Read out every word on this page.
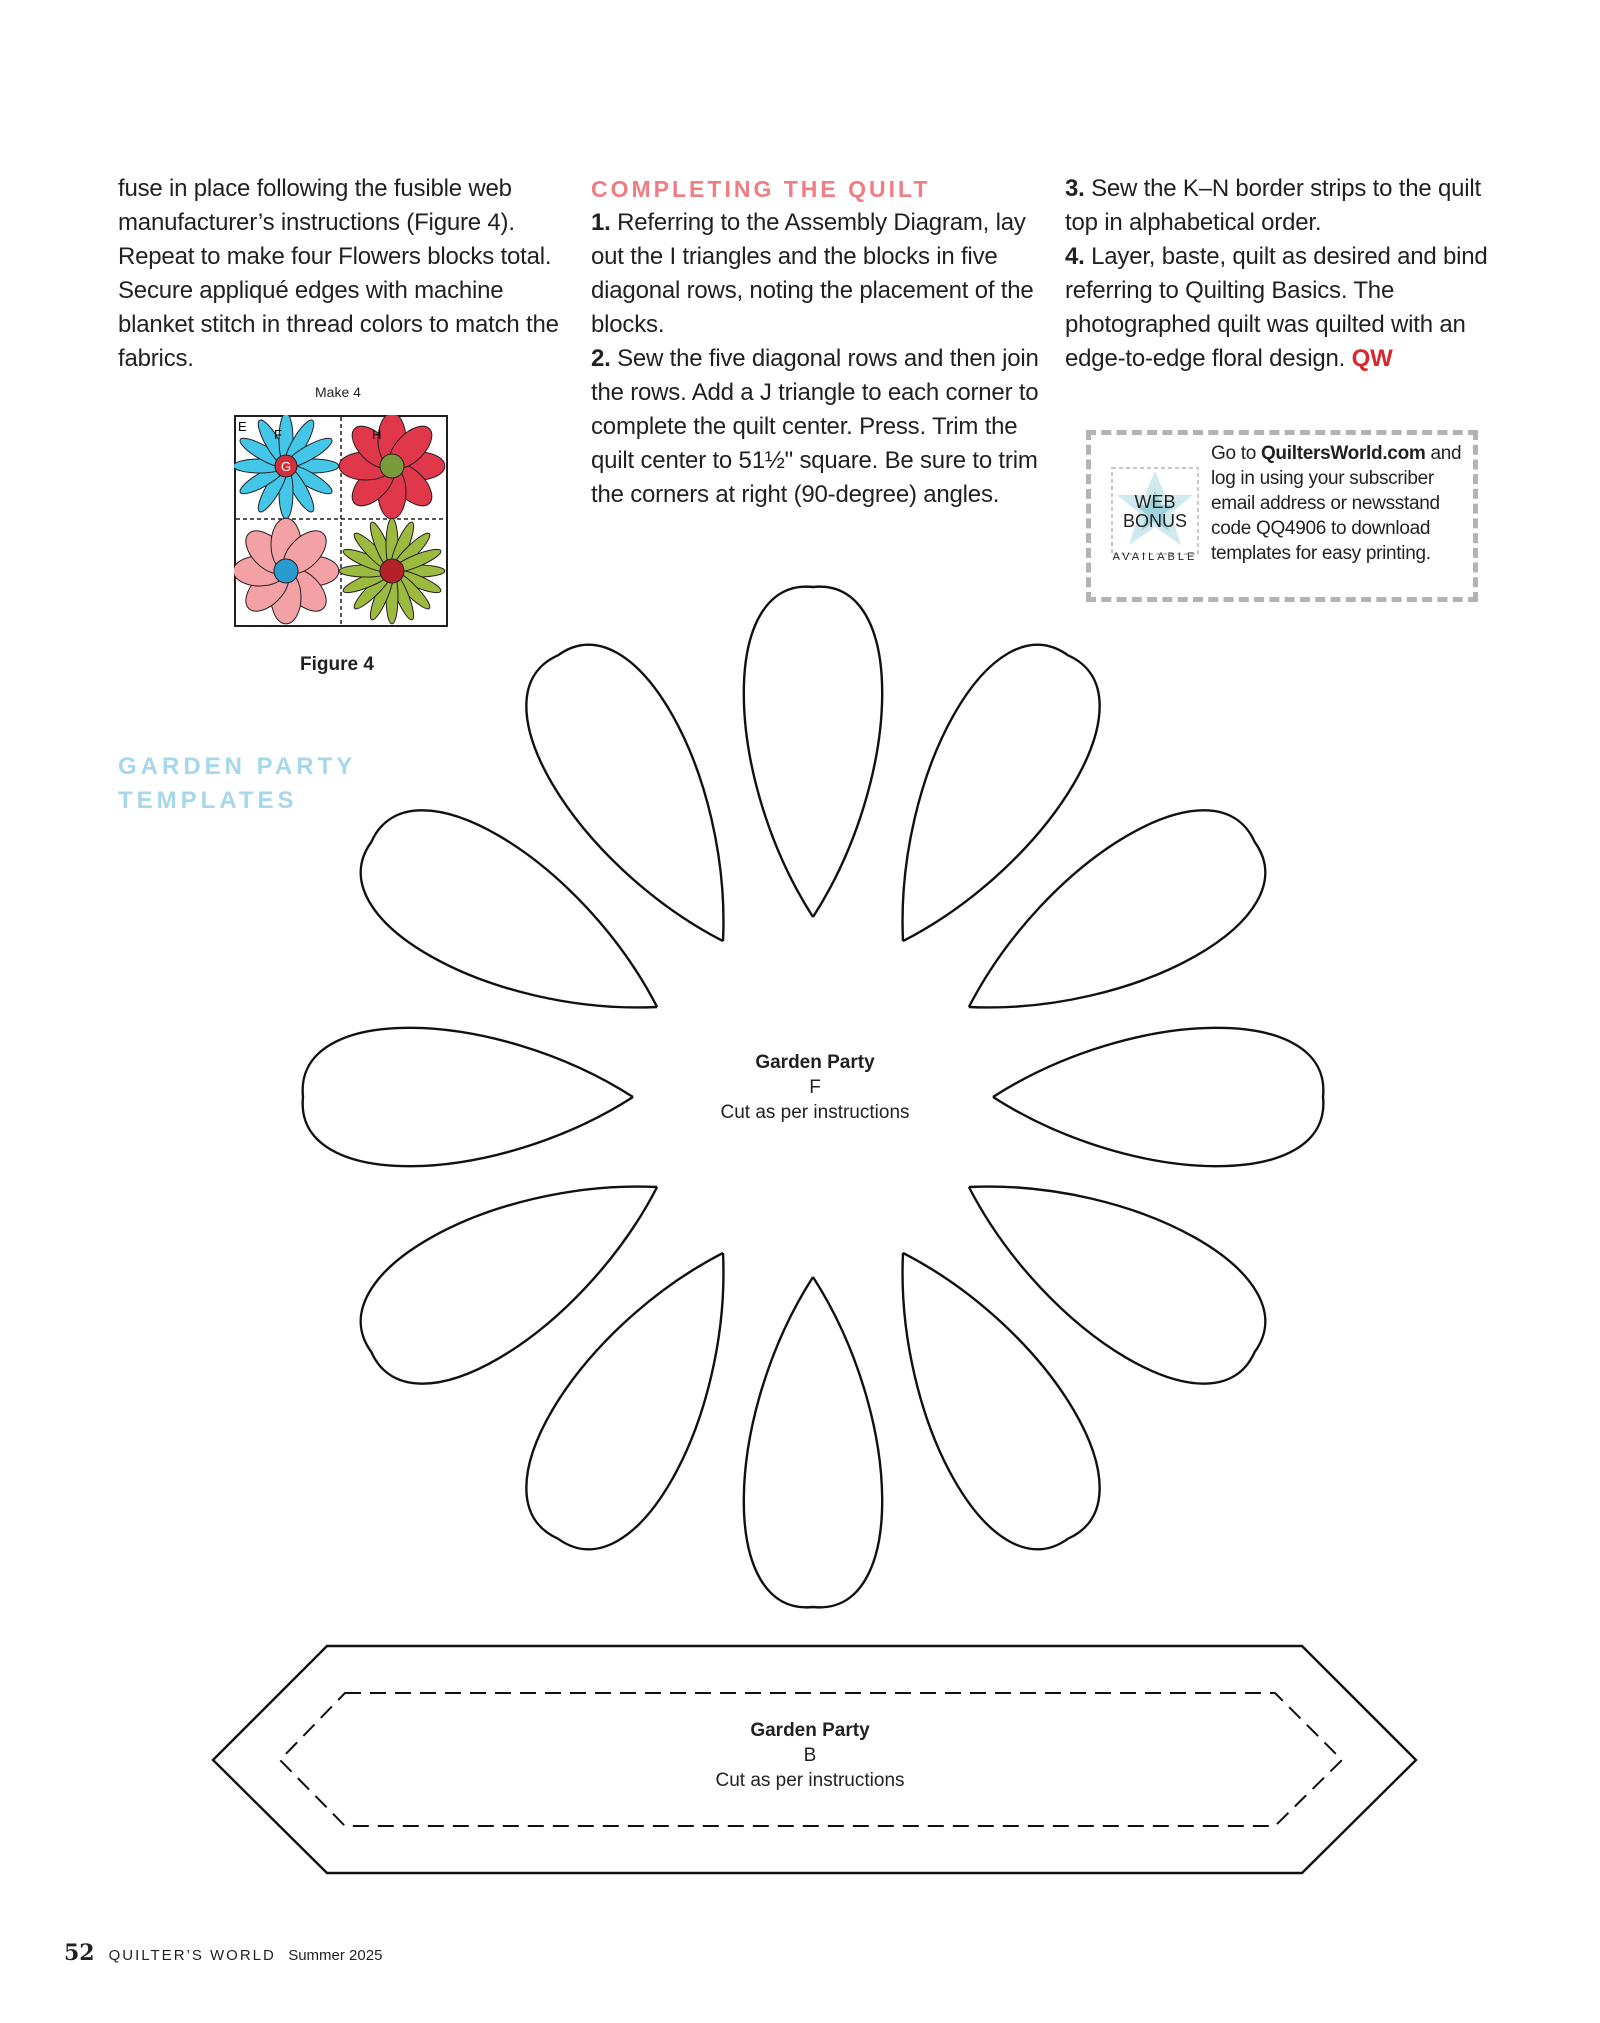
fuse in place following the fusible web manufacturer’s instructions (Figure 4). Repeat to make four Flowers blocks total. Secure appliqué edges with machine blanket stitch in thread colors to match the fabrics.

Make 4
E
F
G
H
Figure 4
COMPLETING THE QUILT

1. Referring to the Assembly Diagram, lay out the I triangles and the blocks in five diagonal rows, noting the placement of the blocks.

2. Sew the five diagonal rows and then join the rows. Add a J triangle to each corner to complete the quilt center. Press. Trim the quilt center to 51½" square. Be sure to trim the corners at right (90-degree) angles.

3. Sew the K–N border strips to the quilt top in alphabetical order.

4. Layer, baste, quilt as desired and bind referring to Quilting Basics. The photographed quilt was quilted with an edge-to-edge floral design. QW

WEB
BONUS
AVAILABLE
Go to QuiltersWorld.com and log in using your subscriber email address or newsstand code QQ4906 to download templates for easy printing.
GARDEN PARTY
TEMPLATES
Garden Party
F
Cut as per instructions
Garden Party
B
Cut as per instructions
52 QUILTER’S WORLD Summer 2025
